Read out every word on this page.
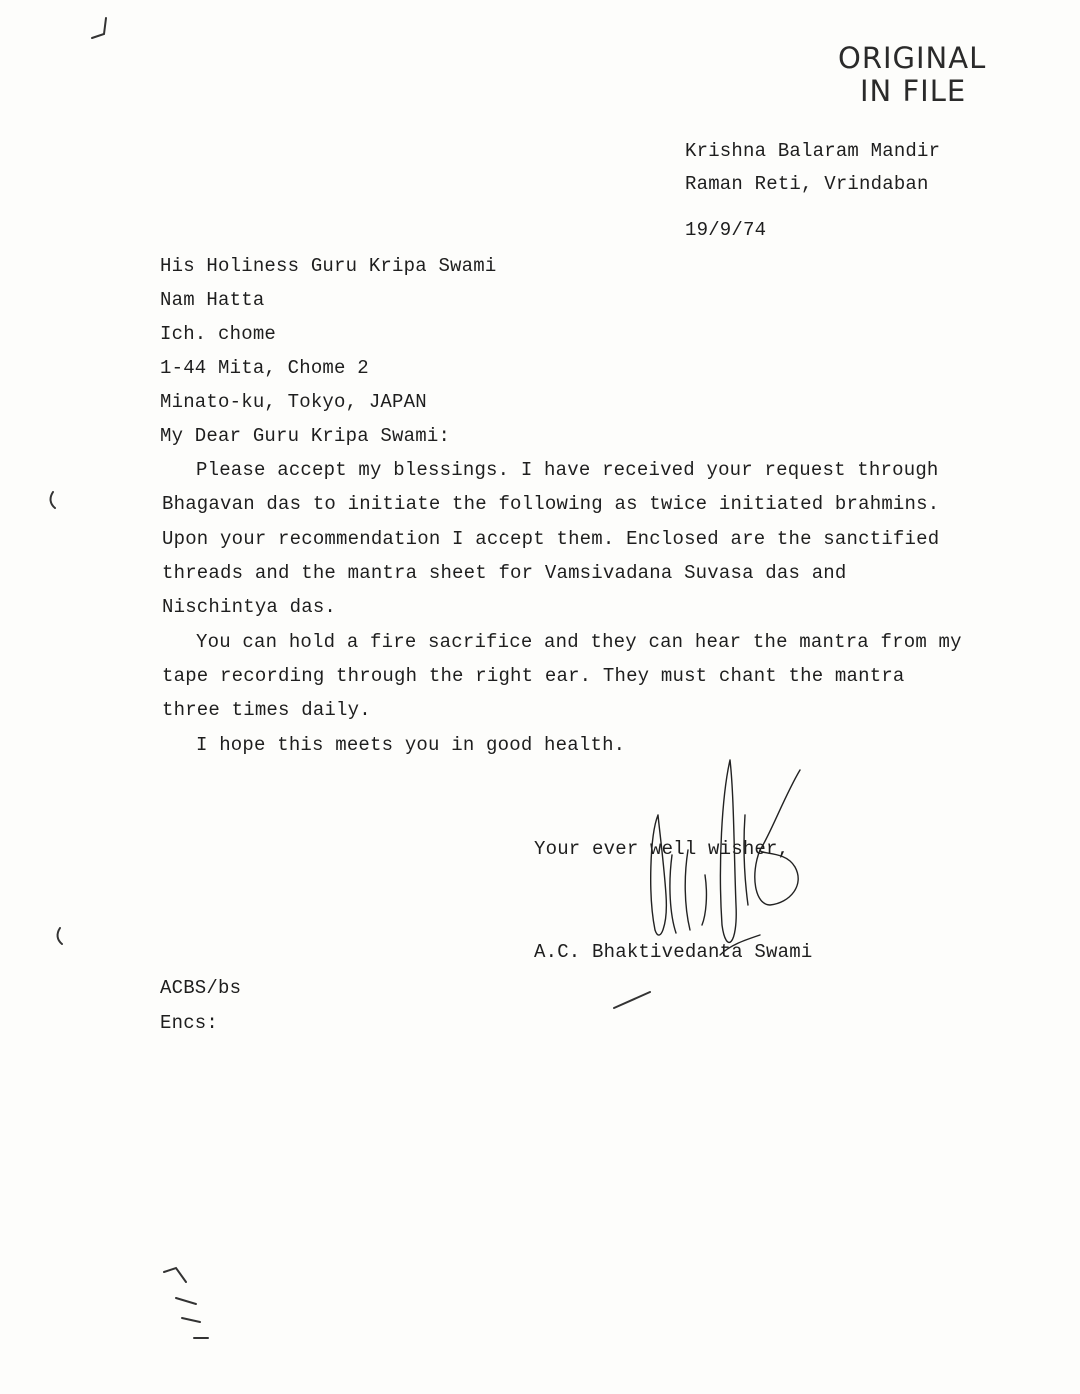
ORIGINAL
IN FILE
Krishna Balaram Mandir
Raman Reti, Vrindaban
19/9/74
His Holiness Guru Kripa Swami
Nam Hatta
Ich. chome
1-44 Mita, Chome 2
Minato-ku, Tokyo, JAPAN
My Dear Guru Kripa Swami:
Please accept my blessings. I have received your request through
Bhagavan das to initiate the following as twice initiated brahmins.
Upon your recommendation I accept them. Enclosed are the sanctified
threads and the mantra sheet for Vamsivadana Suvasa das and
Nischintya das.
You can hold a fire sacrifice and they can hear the mantra from my
tape recording through the right ear. They must chant the mantra
three times daily.
I hope this meets you in good health.
Your ever well wisher,
A.C. Bhaktivedanta Swami
ACBS/bs
Encs:
